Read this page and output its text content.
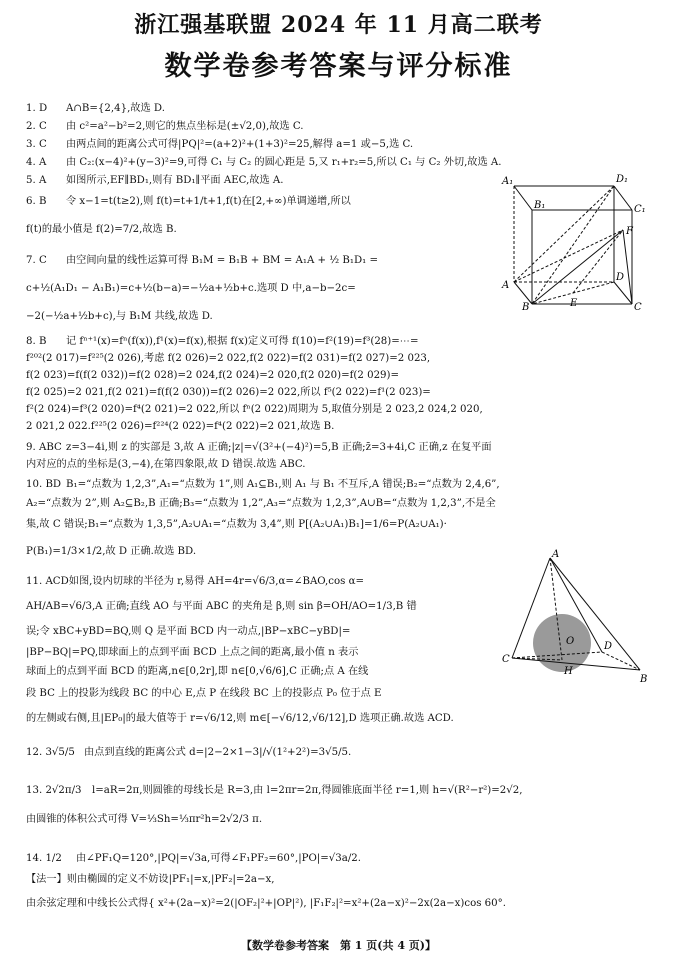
浙江强基联盟 2024 年 11 月高二联考
数学卷参考答案与评分标准
1. D A∩B={2,4},故选 D.
2. C 由 c²=a²−b²=2,则它的焦点坐标是(±√2,0),故选 C.
3. C 由两点间的距离公式可得|PQ|²=(a+2)²+(1+3)²=25,解得 a=1 或−5,选 C.
4. A 由 C₂:(x−4)²+(y−3)²=9,可得 C₁ 与 C₂ 的圆心距是 5,又 r₁+r₂=5,所以 C₁ 与 C₂ 外切,故选 A.
5. A 如图所示,EF∥BD₁,则有 BD₁∥平面 AEC,故选 A.
6. B 令 x−1=t(t≥2),则 f(t)=t+1/t+1,f(t)在[2,+∞)单调递增,所以
f(t)的最小值是 f(2)=7/2,故选 B.
7. C 由空间向量的线性运算可得 B₁M = B₁B + BM = A₁A + ½ B₁D₁ =
c+½(A₁D₁ − A₁B₁)=c+½(b−a)=−½a+½b+c.选项 D 中,a−b−2c=
−2(−½a+½b+c),与 B₁M 共线,故选 D.
8. B 记 fⁿ⁺¹(x)=fⁿ(f(x)),f¹(x)=f(x),根据 f(x)定义可得 f(10)=f²(19)=f³(28)=⋯=
f²⁰²(2 017)=f²²⁵(2 026),考虑 f(2 026)=2 022,f(2 022)=f(2 031)=f(2 027)=2 023,
f(2 023)=f(f(2 032))=f(2 028)=2 024,f(2 024)=2 020,f(2 020)=f(2 029)=
f(2 025)=2 021,f(2 021)=f(f(2 030))=f(2 026)=2 022,所以 f⁵(2 022)=f¹(2 023)=
f²(2 024)=f³(2 020)=f⁴(2 021)=2 022,所以 fⁿ(2 022)周期为 5,取值分别是 2 023,2 024,2 020,
2 021,2 022.f²²⁵(2 026)=f²²⁴(2 022)=f⁴(2 022)=2 021,故选 B.
9. ABC z=3−4i,则 z 的实部是 3,故 A 正确;|z|=√(3²+(−4)²)=5,B 正确;z̄=3+4i,C 正确,z 在复平面
内对应的点的坐标是(3,−4),在第四象限,故 D 错误.故选 ABC.
10. BD B₁=“点数为 1,2,3”,A₁=“点数为 1”,则 A₁⊆B₁,则 A₁ 与 B₁ 不互斥,A 错误;B₂=“点数为 2,4,6”,
A₂=“点数为 2”,则 A₂⊆B₂,B 正确;B₃=“点数为 1,2”,A₃=“点数为 1,2,3”,A∪B=“点数为 1,2,3”,不是全
集,故 C 错误;B₁=“点数为 1,3,5”,A₂∪A₁=“点数为 3,4”,则 P[(A₂∪A₁)B₁]=1/6=P(A₂∪A₁)·
P(B₁)=1/3×1/2,故 D 正确.故选 BD.
11. ACD如图,设内切球的半径为 r,易得 AH=4r=√6/3,α=∠BAO,cos α=
AH/AB=√6/3,A 正确;直线 AO 与平面 ABC 的夹角是 β,则 sin β=OH/AO=1/3,B 错
误;令 xBC+yBD=BQ,则 Q 是平面 BCD 内一动点,|BP−xBC−yBD|=
|BP−BQ|=PQ,即球面上的点到平面 BCD 上点之间的距离,最小值 n 表示
球面上的点到平面 BCD 的距离,n∈[0,2r],即 n∈[0,√6/6],C 正确;点 A 在线
段 BC 上的投影为线段 BC 的中心 E,点 P 在线段 BC 上的投影点 P₀ 位于点 E
的左侧或右侧,且|EP₀|的最大值等于 r=√6/12,则 m∈[−√6/12,√6/12],D 选项正确.故选 ACD.
12. 3√5/5 由点到直线的距离公式 d=|2−2×1−3|/√(1²+2²)=3√5/5.
13. 2√2π/3 l=aR=2π,则圆锥的母线长是 R=3,由 l=2πr=2π,得圆锥底面半径 r=1,则 h=√(R²−r²)=2√2,
由圆锥的体积公式可得 V=⅓Sh=⅓πr²h=2√2/3 π.
14. 1/2 由∠PF₁Q=120°,|PQ|=√3a,可得∠F₁PF₂=60°,|PO|=√3a/2.
【法一】则由椭圆的定义不妨设|PF₁|=x,|PF₂|=2a−x,
由余弦定理和中线长公式得{ x²+(2a−x)²=2(|OF₂|²+|OP|²), |F₁F₂|²=x²+(2a−x)²−2x(2a−x)cos 60°.
A₁	D₁
B₁	C₁
F
A
D
B	E	C
A
O
C
H
D
B
【数学卷参考答案　第 1 页(共 4 页)】
